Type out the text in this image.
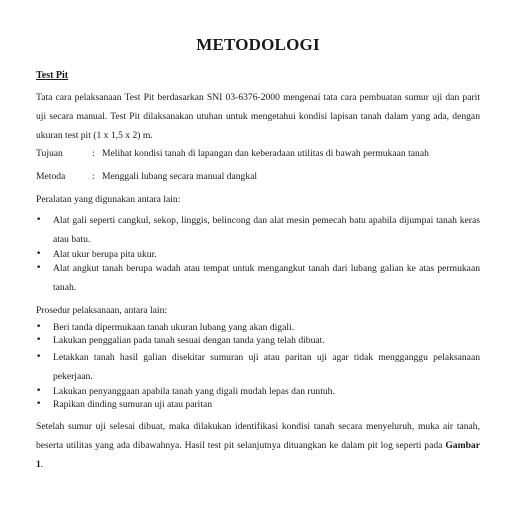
METODOLOGI
Test Pit

Tata cara pelaksanaan Test Pit berdasarkan SNI 03-6376-2000 mengenai tata cara pembuatan sumur uji dan parit uji secara manual. Test Pit dilaksanakan utuhan untuk mengetahui kondisi lapisan tanah dalam yang ada, dengan ukuran test pit (1 x 1,5 x 2) m.

Tujuan	: Melihat kondisi tanah di lapangan dan keberadaan utilitas di bawah permukaan tanah
Metoda	: Menggali lubang secara manual dangkal
Peralatan yang digunakan antara lain:
• Alat gali seperti cangkul, sekop, linggis, belincong dan alat mesin pemecah batu apabila dijumpai tanah keras atau batu.
• Alat ukur berupa pita ukur.
• Alat angkut tanah berupa wadah atau tempat untuk mengangkut tanah dari lubang galian ke atas permukaan tanah.
Prosedur pelaksanaan, antara lain:
• Beri tanda dipermukaan tanah ukuran lubang yang akan digali.
• Lakukan penggalian pada tanah sesuai dengan tanda yang telah dibuat.
• Letakkan tanah hasil galian disekitar sumuran uji atau paritan uji agar tidak mengganggu pelaksanaan pekerjaan.
• Lakukan penyanggaan apabila tanah yang digali mudah lepas dan runtuh.
• Rapikan dinding sumuran uji atau paritan

Setelah sumur uji selesai dibuat, maka dilakukan identifikasi kondisi tanah secara menyeluruh, muka air tanah, beserta utilitas yang ada dibawahnya. Hasil test pit selanjutnya dituangkan ke dalam pit log seperti pada Gambar 1.
